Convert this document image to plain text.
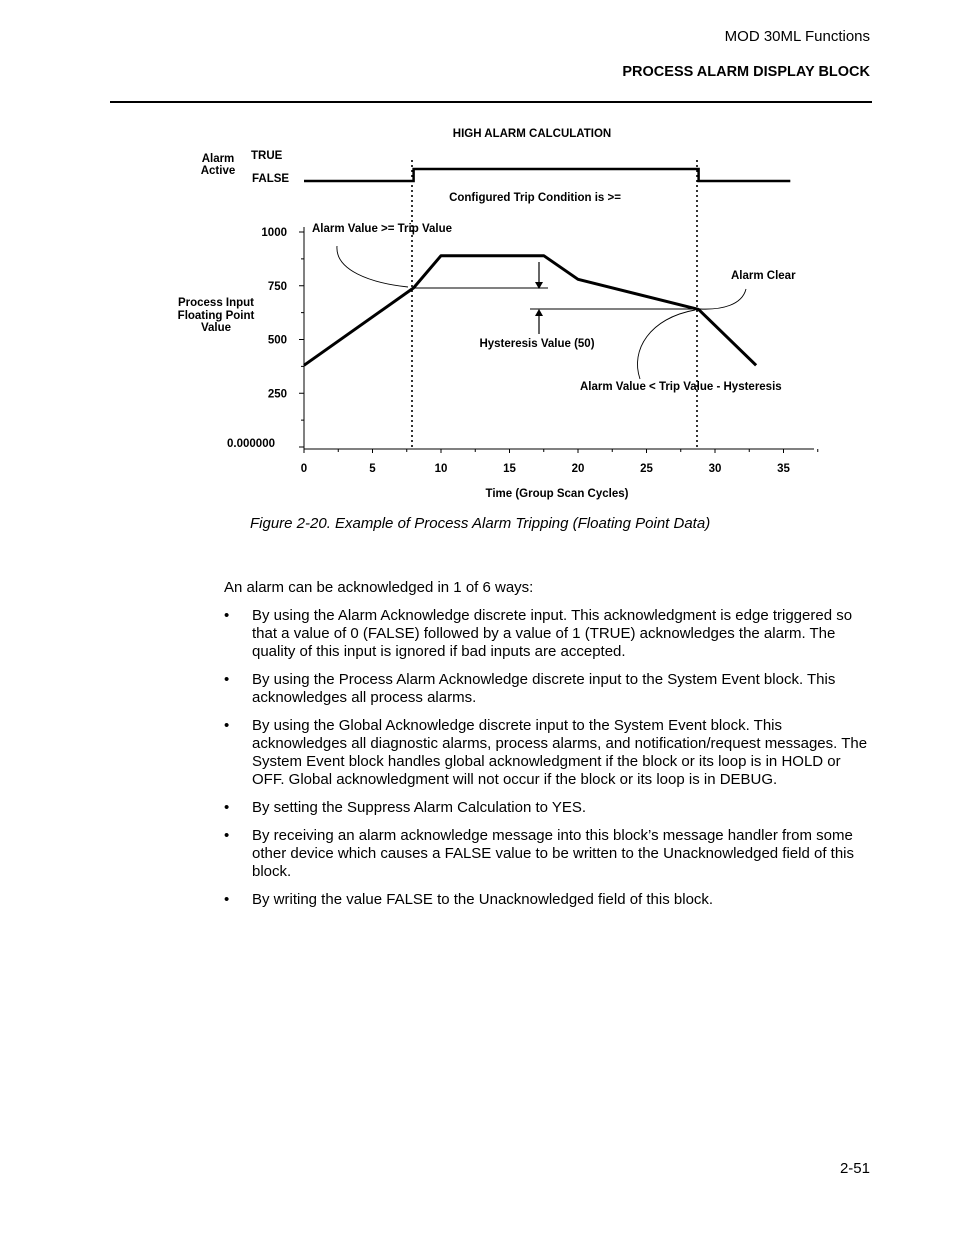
MOD 30ML Functions
PROCESS ALARM DISPLAY BLOCK
HIGH ALARM CALCULATION
Alarm
Active
TRUE
FALSE
Configured Trip Condition is >=
Process Input
Floating Point
Value
0	5	10	15	20	25	30	35
0.000000
250
500
750
1000 Alarm Value >= Trip Value
Alarm Clear
Hysteresis Value (50)
Alarm Value < Trip Value - Hysteresis
Time (Group Scan Cycles)
Figure 2-20. Example of Process Alarm Tripping (Floating Point Data)
An alarm can be acknowledged in 1 of 6 ways:
• By using the Alarm Acknowledge discrete input. This acknowledgment is edge triggered so that a value of 0 (FALSE) followed by a value of 1 (TRUE) acknowledges the alarm. The quality of this input is ignored if bad inputs are accepted.
• By using the Process Alarm Acknowledge discrete input to the System Event block. This acknowledges all process alarms.
• By using the Global Acknowledge discrete input to the System Event block. This acknowledges all diagnostic alarms, process alarms, and notification/request messages. The System Event block handles global acknowledgment if the block or its loop is in HOLD or OFF. Global acknowledgment will not occur if the block or its loop is in DEBUG.
• By setting the Suppress Alarm Calculation to YES.
• By receiving an alarm acknowledge message into this block’s message handler from some other device which causes a FALSE value to be written to the Unacknowledged field of this block.
• By writing the value FALSE to the Unacknowledged field of this block.
2-51
